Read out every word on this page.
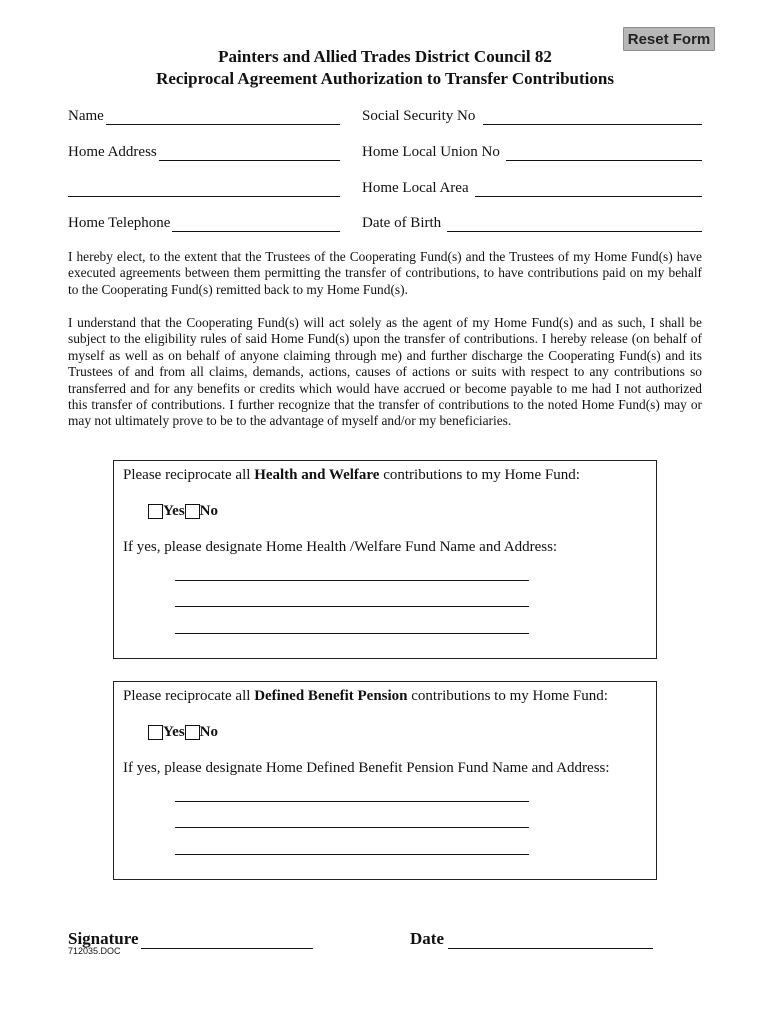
Reset Form
Painters and Allied Trades District Council 82
Reciprocal Agreement Authorization to Transfer Contributions
Name	Social Security No
Home Address	Home Local Union No
Home Local Area
Home Telephone	Date of Birth

I hereby elect, to the extent that the Trustees of the Cooperating Fund(s) and the Trustees of my Home Fund(s) have executed agreements between them permitting the transfer of contributions, to have contributions paid on my behalf to the Cooperating Fund(s) remitted back to my Home Fund(s).

I understand that the Cooperating Fund(s) will act solely as the agent of my Home Fund(s) and as such, I shall be subject to the eligibility rules of said Home Fund(s) upon the transfer of contributions. I hereby release (on behalf of myself as well as on behalf of anyone claiming through me) and further discharge the Cooperating Fund(s) and its Trustees of and from all claims, demands, actions, causes of actions or suits with respect to any contributions so transferred and for any benefits or credits which would have accrued or become payable to me had I not authorized this transfer of contributions. I further recognize that the transfer of contributions to the noted Home Fund(s) may or may not ultimately prove to be to the advantage of myself and/or my beneficiaries.

Please reciprocate all Health and Welfare contributions to my Home Fund:
Yes No
If yes, please designate Home Health /Welfare Fund Name and Address:
Please reciprocate all Defined Benefit Pension contributions to my Home Fund:
Yes No
If yes, please designate Home Defined Benefit Pension Fund Name and Address:
Signature	Date
712035.DOC
